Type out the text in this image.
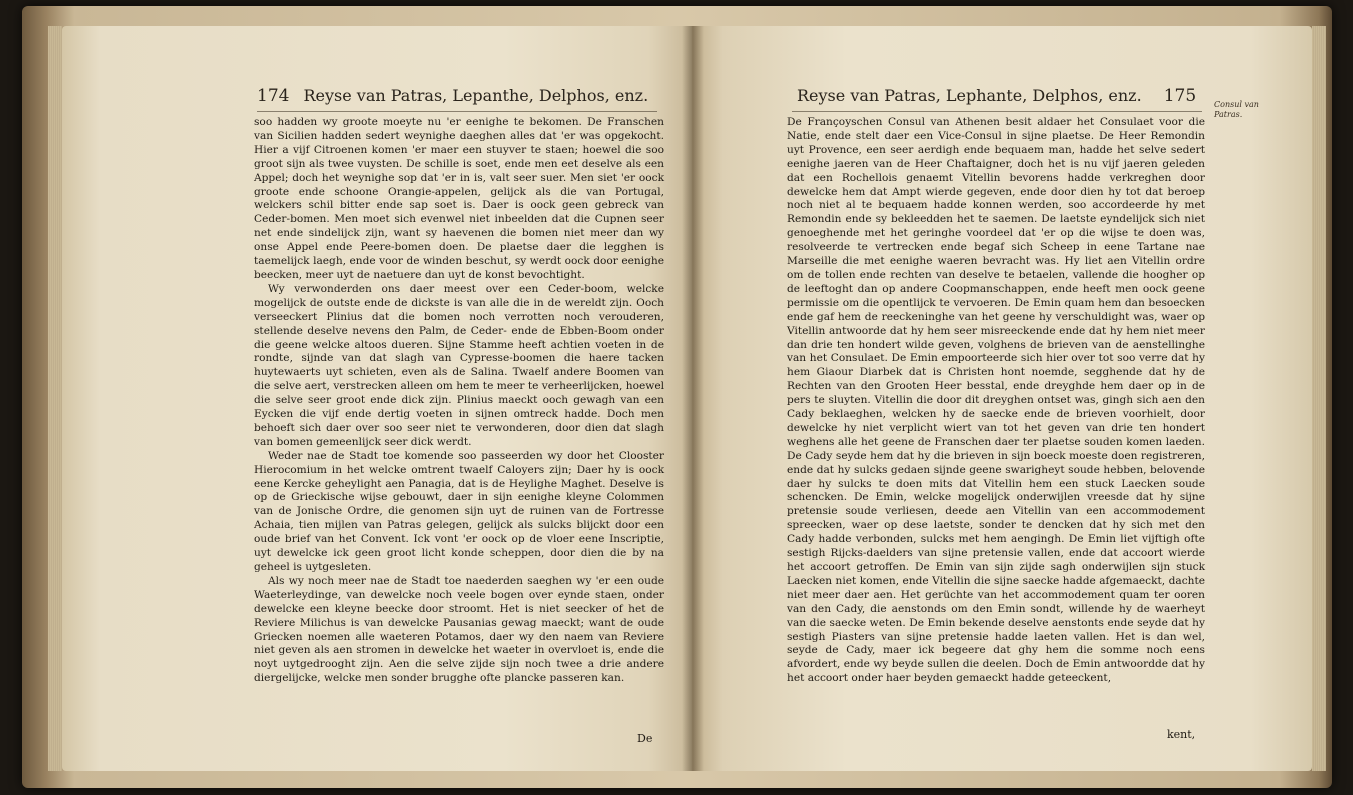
174 Reyse van Patras, Lepanthe, Delphos, enz.

soo hadden wy groote moeyte nu 'er eenighe te bekomen. De Franschen van Sicilien hadden sedert weynighe daeghen alles dat 'er was opgekocht. Hier a vijf Citroenen komen 'er maer een stuyver te staen; hoewel die soo groot sijn als twee vuysten. De schille is soet, ende men eet deselve als een Appel; doch het weynighe sop dat 'er in is, valt seer suer. Men siet 'er oock groote ende schoone Orangie-appelen, gelijck als die van Portugal, welckers schil bitter ende sap soet is. Daer is oock geen gebreck van Ceder-bomen. Men moet sich evenwel niet inbeelden dat die Cupnen seer net ende sindelijck zijn, want sy haevenen die bomen niet meer dan wy onse Appel ende Peere-bomen doen. De plaetse daer die legghen is taemelijck laegh, ende voor de winden beschut, sy werdt oock door eenighe beecken, meer uyt de naetuere dan uyt de konst bevochtight.

Wy verwonderden ons daer meest over een Ceder-boom, welcke mogelijck de outste ende de dickste is van alle die in de wereldt zijn. Ooch verseeckert Plinius dat die bomen noch verrotten noch verouderen, stellende deselve nevens den Palm, de Ceder- ende de Ebben-Boom onder die geene welcke altoos dueren. Sijne Stamme heeft achtien voeten in de rondte, sijnde van dat slagh van Cypresse-boomen die haere tacken huytewaerts uyt schieten, even als de Salina. Twaelf andere Boomen van die selve aert, verstrecken alleen om hem te meer te verheerlijcken, hoewel die selve seer groot ende dick zijn. Plinius maeckt ooch gewagh van een Eycken die vijf ende dertig voeten in sijnen omtreck hadde. Doch men behoeft sich daer over soo seer niet te verwonderen, door dien dat slagh van bomen gemeenlijck seer dick werdt.

Weder nae de Stadt toe komende soo passeerden wy door het Clooster Hierocomium in het welcke omtrent twaelf Caloyers zijn; Daer hy is oock eene Kercke geheylight aen Panagia, dat is de Heylighe Maghet. Deselve is op de Grieckische wijse gebouwt, daer in sijn eenighe kleyne Colommen van de Jonische Ordre, die genomen sijn uyt de ruinen van de Fortresse Achaia, tien mijlen van Patras gelegen, gelijck als sulcks blijckt door een oude brief van het Convent. Ick vont 'er oock op de vloer eene Inscriptie, uyt dewelcke ick geen groot licht konde scheppen, door dien die by na geheel is uytgesleten.

Als wy noch meer nae de Stadt toe naederden saeghen wy 'er een oude Waeterleydinge, van dewelcke noch veele bogen over eynde staen, onder dewelcke een kleyne beecke door stroomt. Het is niet seecker of het de Reviere Milichus is van dewelcke Pausanias gewag maeckt; want de oude Griecken noemen alle waeteren Potamos, daer wy den naem van Reviere niet geven als aen stromen in dewelcke het waeter in overvloet is, ende die noyt uytgedrooght zijn. Aen die selve zijde sijn noch twee a drie andere diergelijcke, welcke men sonder brugghe ofte plancke passeren kan.

De
Reyse van Patras, Lephante, Delphos, enz. 175 Consul van Patras.

De Françoyschen Consul van Athenen besit aldaer het Consulaet voor die Natie, ende stelt daer een Vice-Consul in sijne plaetse. De Heer Remondin uyt Provence, een seer aerdigh ende bequaem man, hadde het selve sedert eenighe jaeren van de Heer Chaftaigner, doch het is nu vijf jaeren geleden dat een Rochellois genaemt Vitellin bevorens hadde verkreghen door dewelcke hem dat Ampt wierde gegeven, ende door dien hy tot dat beroep noch niet al te bequaem hadde konnen werden, soo accordeerde hy met Remondin ende sy bekleedden het te saemen. De laetste eyndelijck sich niet genoeghende met het geringhe voordeel dat 'er op die wijse te doen was, resolveerde te vertrecken ende begaf sich Scheep in eene Tartane nae Marseille die met eenighe waeren bevracht was. Hy liet aen Vitellin ordre om de tollen ende rechten van deselve te betaelen, vallende die hoogher op de leeftoght dan op andere Coopmanschappen, ende heeft men oock geene permissie om die opentlijck te vervoeren. De Emin quam hem dan besoecken ende gaf hem de reeckeninghe van het geene hy verschuldight was, waer op Vitellin antwoorde dat hy hem seer misreeckende ende dat hy hem niet meer dan drie ten hondert wilde geven, volghens de brieven van de aenstellinghe van het Consulaet. De Emin empoorteerde sich hier over tot soo verre dat hy hem Giaour Diarbek dat is Christen hont noemde, segghende dat hy de Rechten van den Grooten Heer besstal, ende dreyghde hem daer op in de pers te sluyten. Vitellin die door dit dreyghen ontset was, gingh sich aen den Cady beklaeghen, welcken hy de saecke ende de brieven voorhielt, door dewelcke hy niet verplicht wiert van tot het geven van drie ten hondert weghens alle het geene de Franschen daer ter plaetse souden komen laeden. De Cady seyde hem dat hy die brieven in sijn boeck moeste doen registreren, ende dat hy sulcks gedaen sijnde geene swarigheyt soude hebben, belovende daer hy sulcks te doen mits dat Vitellin hem een stuck Laecken soude schencken. De Emin, welcke mogelijck onderwijlen vreesde dat hy sijne pretensie soude verliesen, deede aen Vitellin van een accommodement spreecken, waer op dese laetste, sonder te dencken dat hy sich met den Cady hadde verbonden, sulcks met hem aengingh. De Emin liet vijftigh ofte sestigh Rijcks-daelders van sijne pretensie vallen, ende dat accoort wierde het accoort getroffen. De Emin van sijn zijde sagh onderwijlen sijn stuck Laecken niet komen, ende Vitellin die sijne saecke hadde afgemaeckt, dachte niet meer daer aen. Het gerüchte van het accommodement quam ter ooren van den Cady, die aenstonds om den Emin sondt, willende hy de waerheyt van die saecke weten. De Emin bekende deselve aenstonts ende seyde dat hy sestigh Piasters van sijne pretensie hadde laeten vallen. Het is dan wel, seyde de Cady, maer ick begeere dat ghy hem die somme noch eens afvordert, ende wy beyde sullen die deelen. Doch de Emin antwoordde dat hy het accoort onder haer beyden gemaeckt hadde geteeckent,

kent,
